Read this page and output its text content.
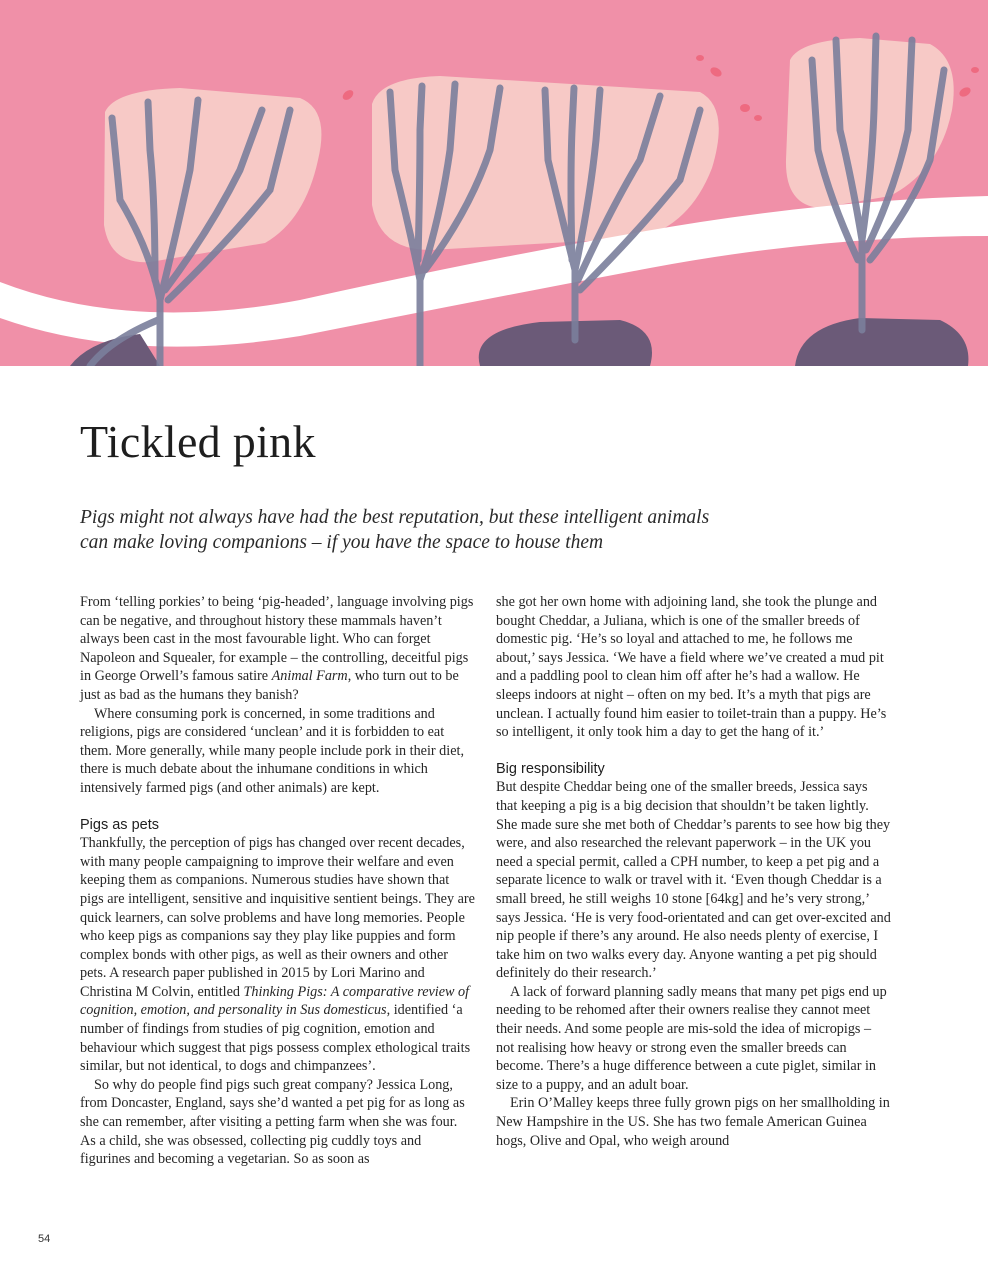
Tickled pink
Pigs might not always have had the best reputation, but these intelligent animals
can make loving companions – if you have the space to house them

From ‘telling porkies’ to being ‘pig-headed’, language involving pigs can be negative, and throughout history these mammals haven’t always been cast in the most favourable light. Who can forget Napoleon and Squealer, for example – the controlling, deceitful pigs in George Orwell’s famous satire Animal Farm, who turn out to be just as bad as the humans they banish?

Where consuming pork is concerned, in some traditions and religions, pigs are considered ‘unclean’ and it is forbidden to eat them. More generally, while many people include pork in their diet, there is much debate about the inhumane conditions in which intensively farmed pigs (and other animals) are kept.

Pigs as pets

Thankfully, the perception of pigs has changed over recent decades, with many people campaigning to improve their welfare and even keeping them as companions. Numerous studies have shown that pigs are intelligent, sensitive and inquisitive sentient beings. They are quick learners, can solve problems and have long memories. People who keep pigs as companions say they play like puppies and form complex bonds with other pigs, as well as their owners and other pets. A research paper published in 2015 by Lori Marino and Christina M Colvin, entitled Thinking Pigs: A comparative review of cognition, emotion, and personality in Sus domesticus, identified ‘a number of findings from studies of pig cognition, emotion and behaviour which suggest that pigs possess complex ethological traits similar, but not identical, to dogs and chimpanzees’.

So why do people find pigs such great company? Jessica Long, from Doncaster, England, says she’d wanted a pet pig for as long as she can remember, after visiting a petting farm when she was four. As a child, she was obsessed, collecting pig cuddly toys and figurines and becoming a vegetarian. So as soon as

she got her own home with adjoining land, she took the plunge and bought Cheddar, a Juliana, which is one of the smaller breeds of domestic pig. ‘He’s so loyal and attached to me, he follows me about,’ says Jessica. ‘We have a field where we’ve created a mud pit and a paddling pool to clean him off after he’s had a wallow. He sleeps indoors at night – often on my bed. It’s a myth that pigs are unclean. I actually found him easier to toilet-train than a puppy. He’s so intelligent, it only took him a day to get the hang of it.’

Big responsibility

But despite Cheddar being one of the smaller breeds, Jessica says that keeping a pig is a big decision that shouldn’t be taken lightly. She made sure she met both of Cheddar’s parents to see how big they were, and also researched the relevant paperwork – in the UK you need a special permit, called a CPH number, to keep a pet pig and a separate licence to walk or travel with it. ‘Even though Cheddar is a small breed, he still weighs 10 stone [64kg] and he’s very strong,’ says Jessica. ‘He is very food-orientated and can get over-excited and nip people if there’s any around. He also needs plenty of exercise, I take him on two walks every day. Anyone wanting a pet pig should definitely do their research.’

A lack of forward planning sadly means that many pet pigs end up needing to be rehomed after their owners realise they cannot meet their needs. And some people are mis-sold the idea of micropigs – not realising how heavy or strong even the smaller breeds can become. There’s a huge difference between a cute piglet, similar in size to a puppy, and an adult boar.

Erin O’Malley keeps three fully grown pigs on her smallholding in New Hampshire in the US. She has two female American Guinea hogs, Olive and Opal, who weigh around

54
